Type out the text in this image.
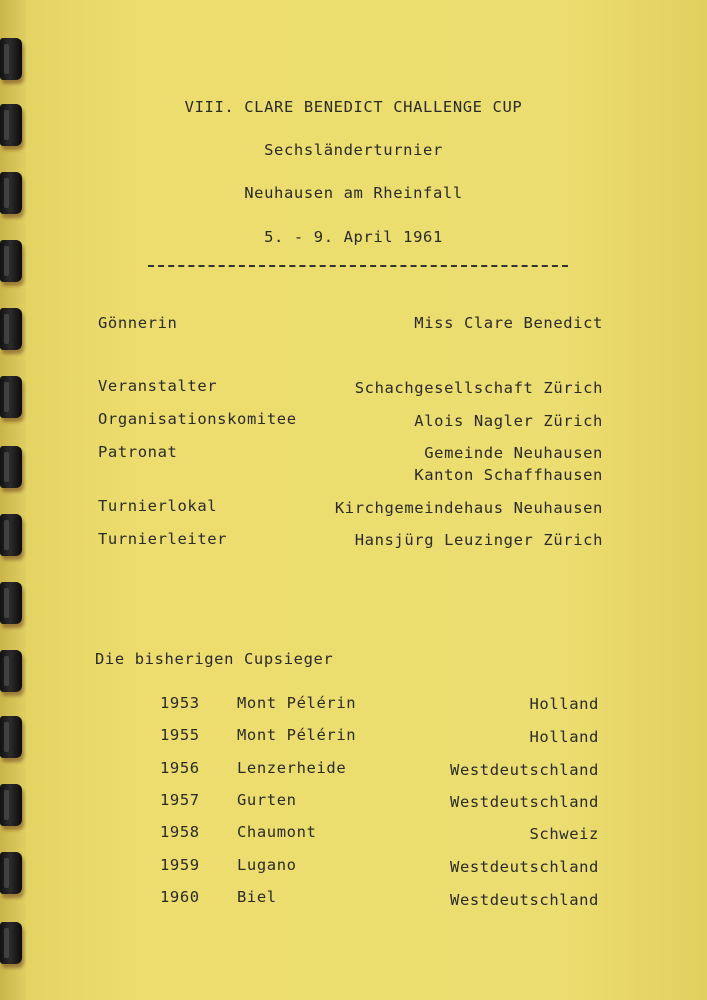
VIII. CLARE BENEDICT CHALLENGE CUP
Sechsländerturnier
Neuhausen am Rheinfall
5. - 9. April 1961
Gönnerin	Miss Clare Benedict
Veranstalter	Schachgesellschaft Zürich
Organisationskomitee	Alois Nagler Zürich
Patronat	Gemeinde Neuhausen
Kanton Schaffhausen
Turnierlokal	Kirchgemeindehaus Neuhausen
Turnierleiter	Hansjürg Leuzinger Zürich
Die bisherigen Cupsieger
1953 Mont Pélérin	Holland
1955 Mont Pélérin	Holland
1956 Lenzerheide	Westdeutschland
1957 Gurten	Westdeutschland
1958 Chaumont	Schweiz
1959 Lugano	Westdeutschland
1960 Biel	Westdeutschland
